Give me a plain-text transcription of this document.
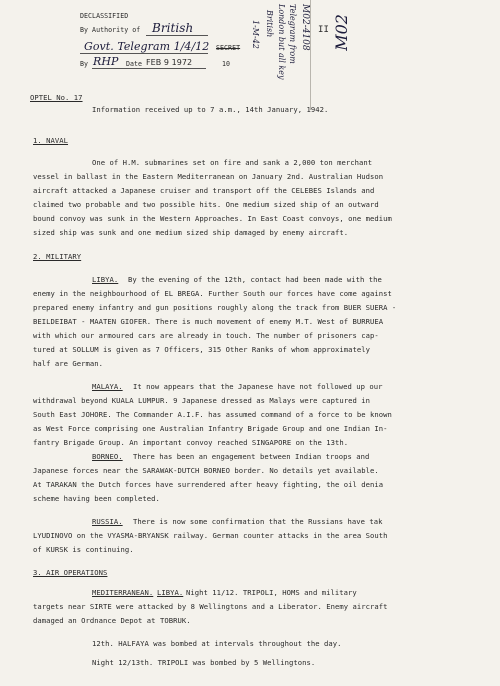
DECLASSIFIED
By Authority of British
Govt. Telegram 1/4/12
By RHP Date FEB 9 1972
SECRET
10
Telegram from
London but all key
British
1-M-42	M02-4108 II M02
OPTEL No. 17
Information received up to 7 a.m., 14th January, 1942.
1. NAVAL
One of H.M. submarines set on fire and sank a 2,000 ton merchant
vessel in ballast in the Eastern Mediterranean on January 2nd. Australian Hudson
aircraft attacked a Japanese cruiser and transport off the CELEBES Islands and
claimed two probable and two possible hits. One medium sized ship of an outward
bound convoy was sunk in the Western Approaches. In East Coast convoys, one medium
sized ship was sunk and one medium sized ship damaged by enemy aircraft.
2. MILITARY
LIBYA. By the evening of the 12th, contact had been made with the
enemy in the neighbourhood of EL BREGA. Further South our forces have come against
prepared enemy infantry and gun positions roughly along the track from BUER SUERA -
BEILDEIBAT - MAATEN GIOFER. There is much movement of enemy M.T. West of BURRUEA
with which our armoured cars are already in touch. The number of prisoners cap-
tured at SOLLUM is given as 7 Officers, 315 Other Ranks of whom approximately
half are German.
MALAYA. It now appears that the Japanese have not followed up our
withdrawal beyond KUALA LUMPUR. 9 Japanese dressed as Malays were captured in
South East JOHORE. The Commander A.I.F. has assumed command of a force to be known
as West Force comprising one Australian Infantry Brigade Group and one Indian In-
fantry Brigade Group. An important convoy reached SINGAPORE on the 13th.
BORNEO. There has been an engagement between Indian troops and
Japanese forces near the SARAWAK-DUTCH BORNEO border. No details yet available.
At TARAKAN the Dutch forces have surrendered after heavy fighting, the oil denia
scheme having been completed.
RUSSIA. There is now some confirmation that the Russians have tak
LYUDINOVO on the VYASMA-BRYANSK railway. German counter attacks in the area South
of KURSK is continuing.
3. AIR OPERATIONS
MEDITERRANEAN. LIBYA. Night 11/12. TRIPOLI, HOMS and military
targets near SIRTE were attacked by 8 Wellingtons and a Liberator. Enemy aircraft
damaged an Ordnance Depot at TOBRUK.
12th. HALFAYA was bombed at intervals throughout the day.
Night 12/13th. TRIPOLI was bombed by 5 Wellingtons.
